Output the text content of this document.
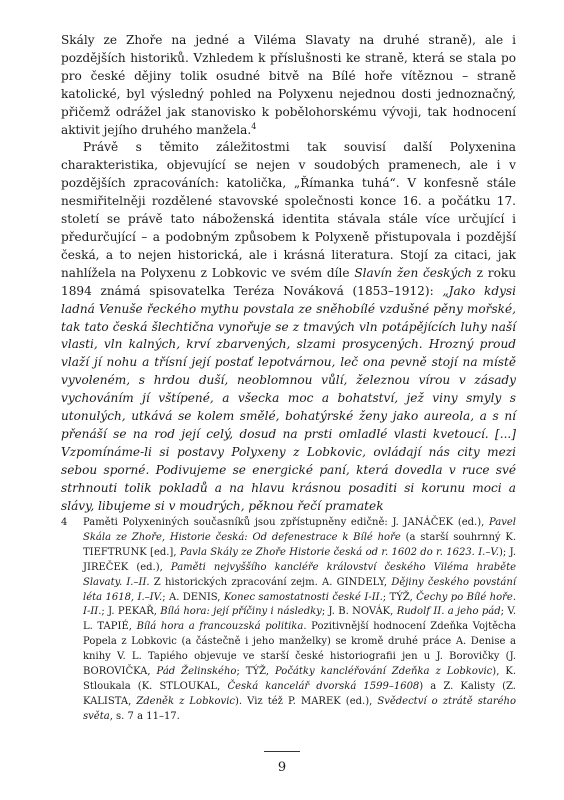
Skály ze Zhoře na jedné a Viléma Slavaty na druhé straně), ale i pozdějších historiků. Vzhledem k příslušnosti ke straně, která se stala po pro české dějiny tolik osudné bitvě na Bílé hoře vítěznou – straně katolické, byl výsledný pohled na Polyxenu nejednou dosti jednoznačný, přičemž odrážel jak stanovisko k pobělohorskému vývoji, tak hodnocení aktivit jejího druhého manžela.$^4$

Právě s těmito záležitostmi tak souvisí další Polyxenina charakteristika, objevující se nejen v soudobých pramenech, ale i v pozdějších zpracováních: katolička, „Římanka tuhá“. V konfesně stále nesmiřitelněji rozdělené stavovské společnosti konce 16. a počátku 17. století se právě tato náboženská identita stávala stále více určující i předurčující – a podobným způsobem k Polyxeně přistupovala i pozdější česká, a to nejen historická, ale i krásná literatura. Stojí za citaci, jak nahlížela na Polyxenu z Lobkovic ve svém díle Slavín žen českých z roku 1894 známá spisovatelka Teréza Nováková (1853–1912): „Jako kdysi ladná Venuše řeckého mythu povstala ze sněhobílé vzdušné pěny mořské, tak tato česká šlechtična vynořuje se z tmavých vln potápějících luhy naší vlasti, vln kalných, krví zbarvených, slzami prosycených. Hrozný proud vlaží jí nohu a třísní její postať lepotvárnou, leč ona pevně stojí na místě vyvoleném, s hrdou duší, neoblomnou vůlí, železnou vírou v zásady vychováním jí vštípené, a všecka moc a bohatství, jež viny smyly s utonulých, utkává se kolem smělé, bohatýrské ženy jako aureola, a s ní přenáší se na rod její celý, dosud na prsti omladlé vlasti kvetoucí. [...] Vzpomínáme-li si postavy Polyxeny z Lobkovic, ovládají nás city mezi sebou sporné. Podivujeme se energické paní, která dovedla v ruce své strhnouti tolik pokladů a na hlavu krásnou posaditi si korunu moci a slávy, libujeme si v moudrých, pěknou řečí pramatek

4 Paměti Polyxeniných současníků jsou zpřístupněny edičně: J. JANÁČEK (ed.), Pavel Skála ze Zhoře, Historie česká: Od defenestrace k Bílé hoře (a starší souhrnný K. TIEFTRUNK [ed.], Pavla Skály ze Zhoře Historie česká od r. 1602 do r. 1623. I.–V.); J. JIREČEK (ed.), Paměti nejvyššího kancléře království českého Viléma hraběte Slavaty. I.–II. Z historických zpracování zejm. A. GINDELY, Dějiny českého povstání léta 1618, I.–IV.; A. DENIS, Konec samostatnosti české I-II.; TÝŽ, Čechy po Bílé hoře. I-II.; J. PEKAŘ, Bílá hora: její příčiny i následky; J. B. NOVÁK, Rudolf II. a jeho pád; V. L. TAPIÉ, Bílá hora a francouzská politika. Pozitivnější hodnocení Zdeňka Vojtěcha Popela z Lobkovic (a částečně i jeho manželky) se kromě druhé práce A. Denise a knihy V. L. Tapiého objevuje ve starší české historiografii jen u J. Borovičky (J. BOROVIČKA, Pád Želinského; TÝŽ, Počátky kancléřování Zdeňka z Lobkovic), K. Stloukala (K. STLOUKAL, Česká kancelář dvorská 1599–1608) a Z. Kalisty (Z. KALISTA, Zdeněk z Lobkovic). Viz též P. MAREK (ed.), Svědectví o ztrátě starého světa, s. 7 a 11–17.

9
